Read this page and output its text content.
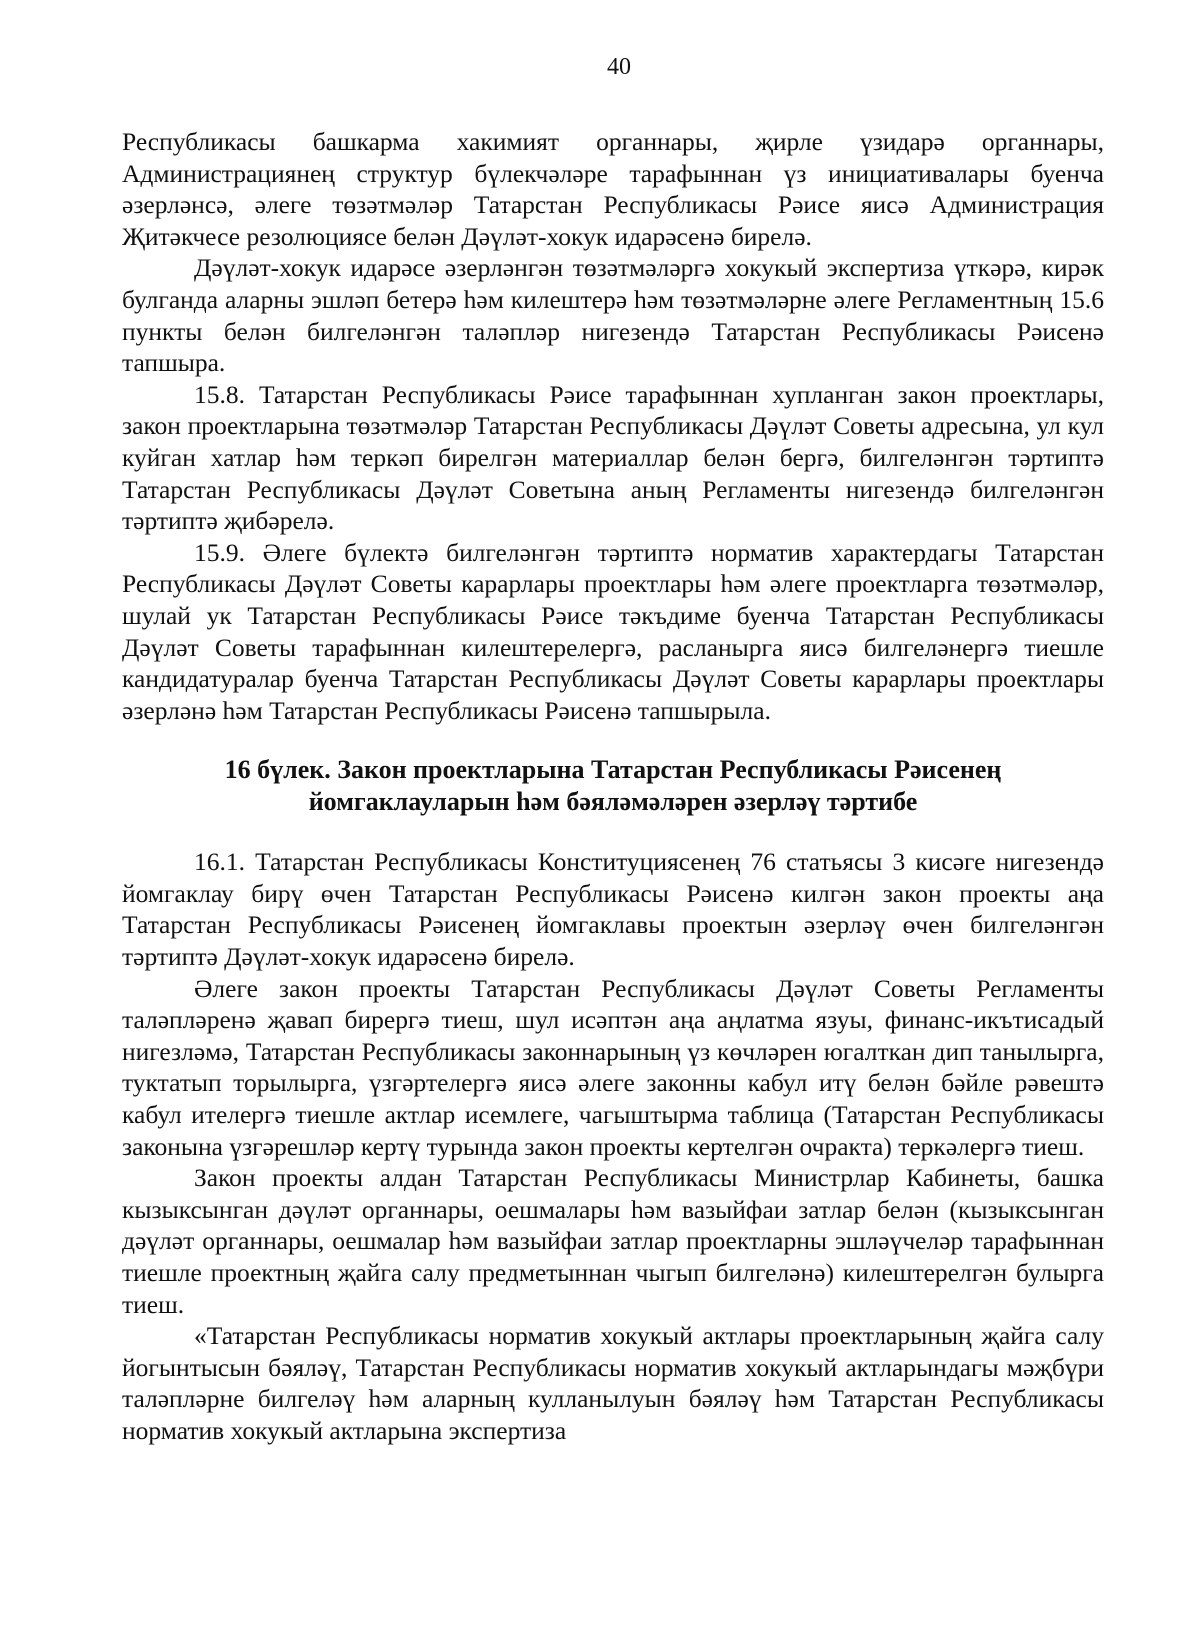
40

Республикасы башкарма хакимият органнары, җирле үзидарә органнары, Администрациянең структур бүлекчәләре тарафыннан үз инициативалары буенча әзерләнсә, әлеге төзәтмәләр Татарстан Республикасы Рәисе яисә Администрация Җитәкчесе резолюциясе белән Дәүләт-хокук идарәсенә бирелә.

Дәүләт-хокук идарәсе әзерләнгән төзәтмәләргә хокукый экспертиза үткәрә, кирәк булганда аларны эшләп бетерә һәм килештерә һәм төзәтмәләрне әлеге Регламентның 15.6 пункты белән билгеләнгән таләпләр нигезендә Татарстан Республикасы Рәисенә тапшыра.

15.8. Татарстан Республикасы Рәисе тарафыннан хупланган закон проектлары, закон проектларына төзәтмәләр Татарстан Республикасы Дәүләт Советы адресына, ул кул куйган хатлар һәм теркәп бирелгән материаллар белән бергә, билгеләнгән тәртиптә Татарстан Республикасы Дәүләт Советына аның Регламенты нигезендә билгеләнгән тәртиптә җибәрелә.

15.9. Әлеге бүлектә билгеләнгән тәртиптә норматив характердагы Татарстан Республикасы Дәүләт Советы карарлары проектлары һәм әлеге проектларга төзәтмәләр, шулай ук Татарстан Республикасы Рәисе тәкъдиме буенча Татарстан Республикасы Дәүләт Советы тарафыннан килештерелергә, расланырга яисә билгеләнергә тиешле кандидатуралар буенча Татарстан Республикасы Дәүләт Советы карарлары проектлары әзерләнә һәм Татарстан Республикасы Рәисенә тапшырыла.

16 бүлек. Закон проектларына Татарстан Республикасы Рәисенең
йомгаклауларын һәм бәяләмәләрен әзерләү тәртибе

16.1. Татарстан Республикасы Конституциясенең 76 статьясы 3 кисәге нигезендә йомгаклау бирү өчен Татарстан Республикасы Рәисенә килгән закон проекты аңа Татарстан Республикасы Рәисенең йомгаклавы проектын әзерләү өчен билгеләнгән тәртиптә Дәүләт-хокук идарәсенә бирелә.

Әлеге закон проекты Татарстан Республикасы Дәүләт Советы Регламенты таләпләренә җавап бирергә тиеш, шул исәптән аңа аңлатма язуы, финанс-икътисадый нигезләмә, Татарстан Республикасы законнарының үз көчләрен югалткан дип танылырга, туктатып торылырга, үзгәртелергә яисә әлеге законны кабул итү белән бәйле рәвештә кабул ителергә тиешле актлар исемлеге, чагыштырма таблица (Татарстан Республикасы законына үзгәрешләр кертү турында закон проекты кертелгән очракта) теркәлергә тиеш.

Закон проекты алдан Татарстан Республикасы Министрлар Кабинеты, башка кызыксынган дәүләт органнары, оешмалары һәм вазыйфаи затлар белән (кызыксынган дәүләт органнары, оешмалар һәм вазыйфаи затлар проектларны эшләүчеләр тарафыннан тиешле проектның җайга салу предметыннан чыгып билгеләнә) килештерелгән булырга тиеш.

«Татарстан Республикасы норматив хокукый актлары проектларының җайга салу йогынтысын бәяләү, Татарстан Республикасы норматив хокукый актларындагы мәҗбүри таләпләрне билгеләү һәм аларның кулланылуын бәяләү һәм Татарстан Республикасы норматив хокукый актларына экспертиза
